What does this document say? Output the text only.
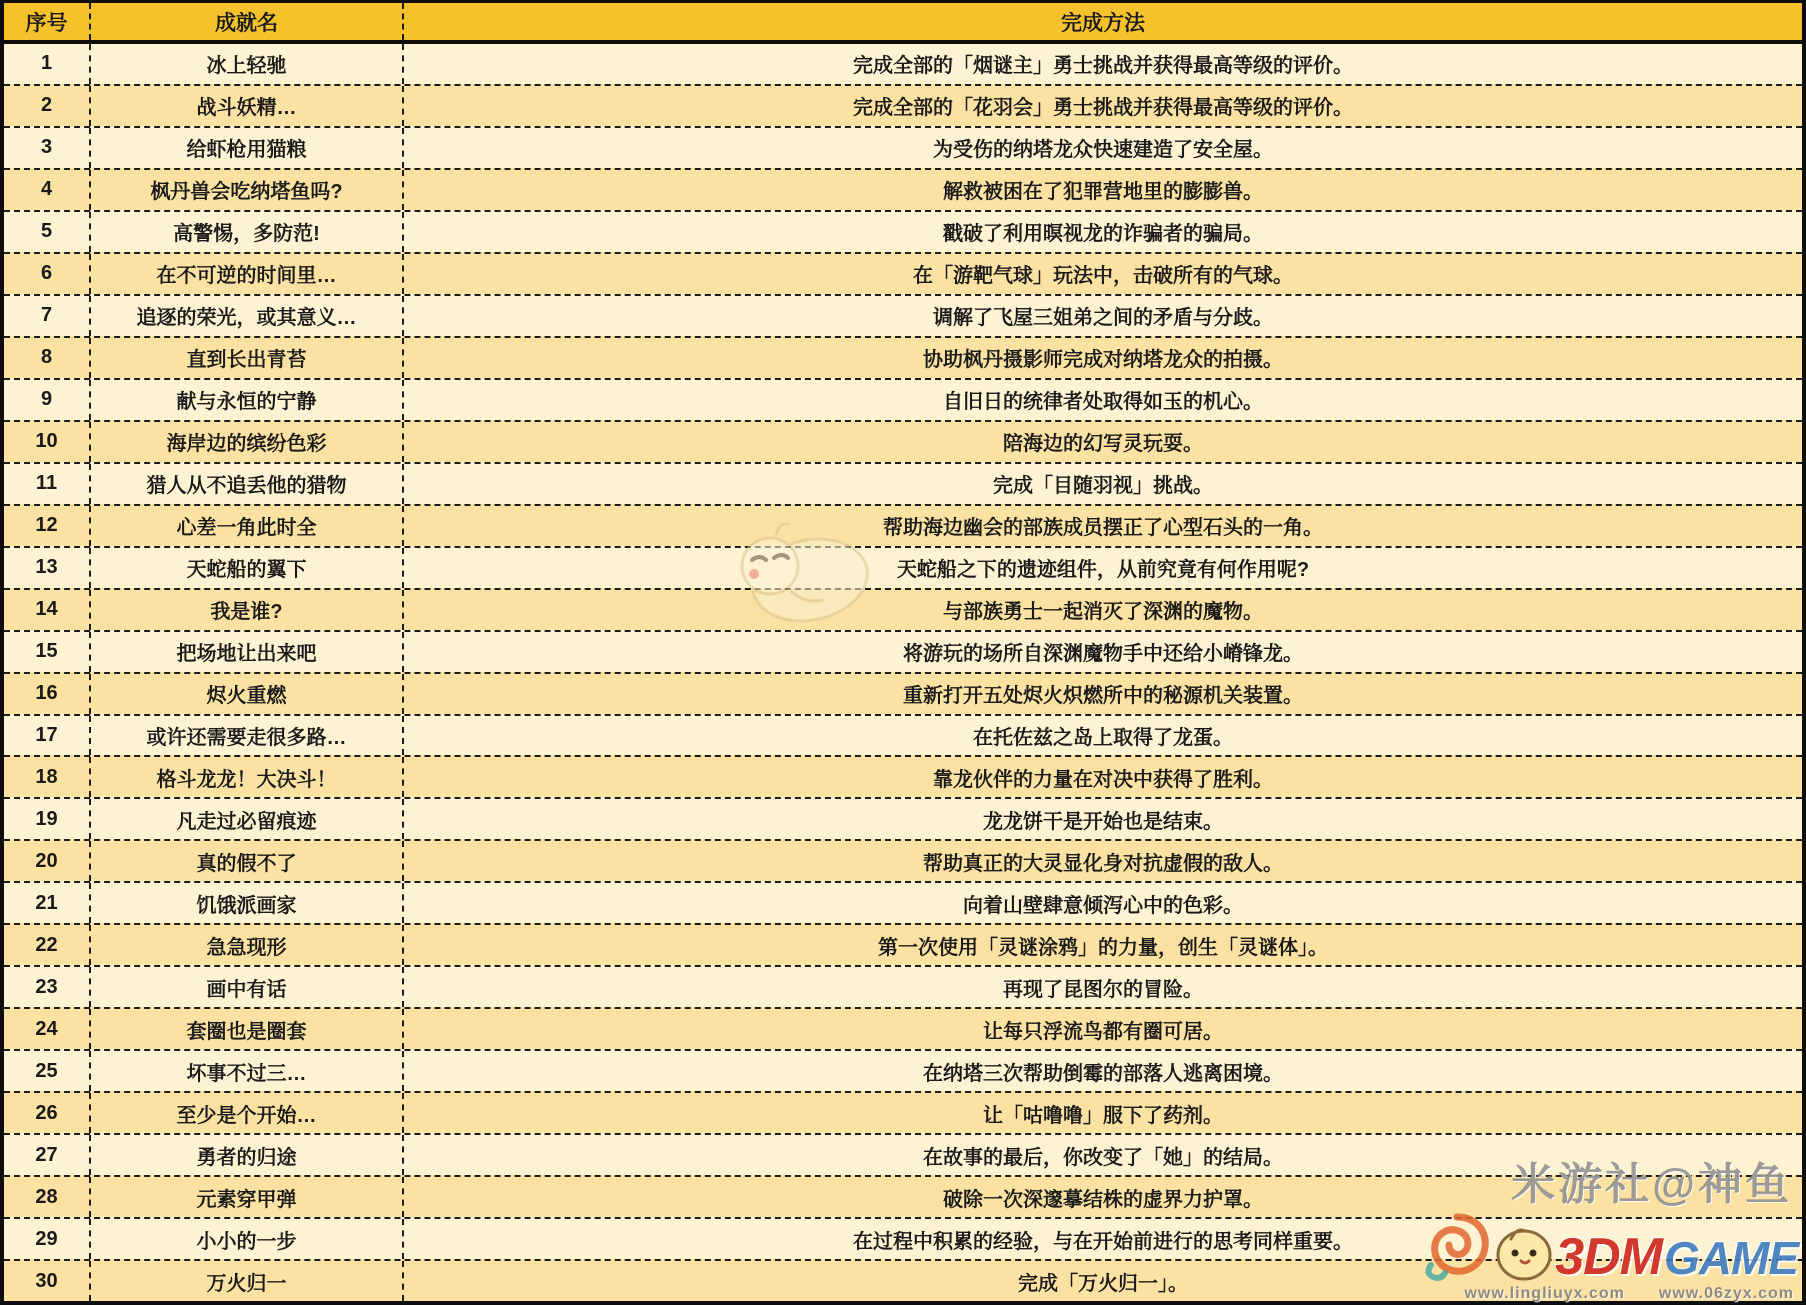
序号	成就名	完成方法
1	冰上轻驰	完成全部的「烟谜主」勇士挑战并获得最高等级的评价。
2	战斗妖精…	完成全部的「花羽会」勇士挑战并获得最高等级的评价。
3	给虾枪用猫粮	为受伤的纳塔龙众快速建造了安全屋。
4	枫丹兽会吃纳塔鱼吗?	解救被困在了犯罪营地里的膨膨兽。
5	高警惕，多防范!	戳破了利用暝视龙的诈骗者的骗局。
6	在不可逆的时间里…	在「游靶气球」玩法中，击破所有的气球。
7	追逐的荣光，或其意义…	调解了飞屋三姐弟之间的矛盾与分歧。
8	直到长出青苔	协助枫丹摄影师完成对纳塔龙众的拍摄。
9	献与永恒的宁静	自旧日的统律者处取得如玉的机心。
10	海岸边的缤纷色彩	陪海边的幻写灵玩耍。
11	猎人从不追丢他的猎物	完成「目随羽视」挑战。
12	心差一角此时全	帮助海边幽会的部族成员摆正了心型石头的一角。
13	天蛇船的翼下	天蛇船之下的遗迹组件，从前究竟有何作用呢?
14	我是谁?	与部族勇士一起消灭了深渊的魔物。
15	把场地让出来吧	将游玩的场所自深渊魔物手中还给小嵴锋龙。
16	烬火重燃	重新打开五处烬火炽燃所中的秘源机关装置。
17	或许还需要走很多路…	在托佐兹之岛上取得了龙蛋。
18	格斗龙龙！大决斗！	靠龙伙伴的力量在对决中获得了胜利。
19	凡走过必留痕迹	龙龙饼干是开始也是结束。
20	真的假不了	帮助真正的大灵显化身对抗虚假的敌人。
21	饥饿派画家	向着山壁肆意倾泻心中的色彩。
22	急急现形	第一次使用「灵谜涂鸦」的力量，创生「灵谜体」。
23	画中有话	再现了昆图尔的冒险。
24	套圈也是圈套	让每只浮流鸟都有圈可居。
25	坏事不过三…	在纳塔三次帮助倒霉的部落人逃离困境。
26	至少是个开始…	让「咕噜噜」服下了药剂。
27	勇者的归途	在故事的最后，你改变了「她」的结局。
28	元素穿甲弹	破除一次深邃摹结株的虚界力护罩。
29	小小的一步	在过程中积累的经验，与在开始前进行的思考同样重要。
30	万火归一	完成「万火归一」。
米游社@神鱼
3DM GAME
www.lingliuyx.com www.06zyx.com
